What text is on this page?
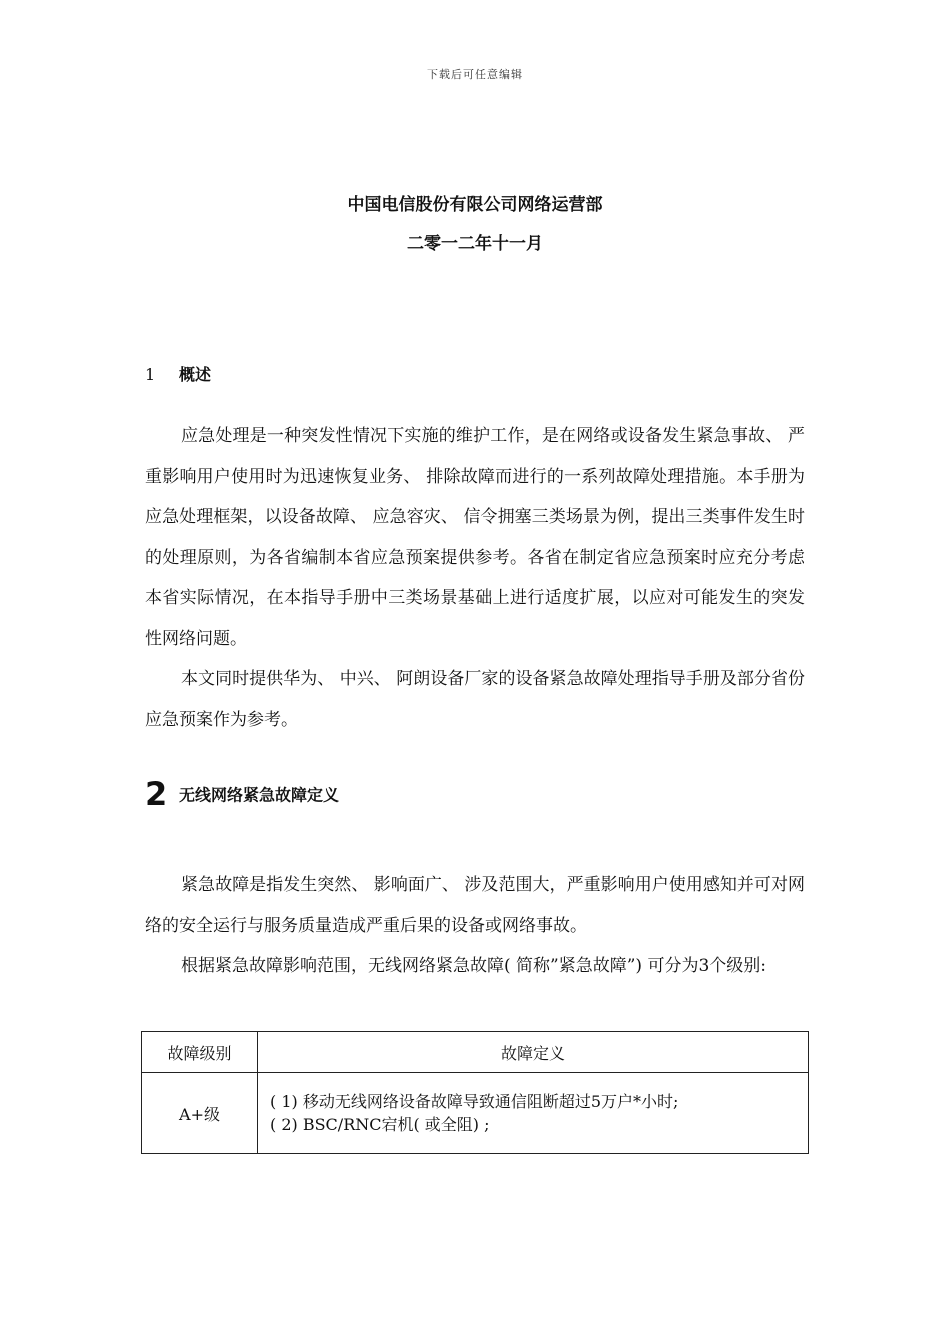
下载后可任意编辑
中国电信股份有限公司网络运营部
二零一二年十一月
1 概述
应急处理是一种突发性情况下实施的维护工作，是在网络或设备发生紧急事故、 严重影响用户使用时为迅速恢复业务、 排除故障而进行的一系列故障处理措施。本手册为应急处理框架，以设备故障、 应急容灾、 信令拥塞三类场景为例，提出三类事件发生时的处理原则，为各省编制本省应急预案提供参考。各省在制定省应急预案时应充分考虑本省实际情况，在本指导手册中三类场景基础上进行适度扩展，以应对可能发生的突发性网络问题。
本文同时提供华为、 中兴、 阿朗设备厂家的设备紧急故障处理指导手册及部分省份应急预案作为参考。
2 无线网络紧急故障定义
紧急故障是指发生突然、 影响面广、 涉及范围大，严重影响用户使用感知并可对网络的安全运行与服务质量造成严重后果的设备或网络事故。
根据紧急故障影响范围，无线网络紧急故障( 简称”紧急故障”) 可分为3个级别:
故障级别	故障定义
A+级	( 1) 移动无线网络设备故障导致通信阻断超过5万户*小时;
( 2) BSC/RNC宕机( 或全阻) ;
